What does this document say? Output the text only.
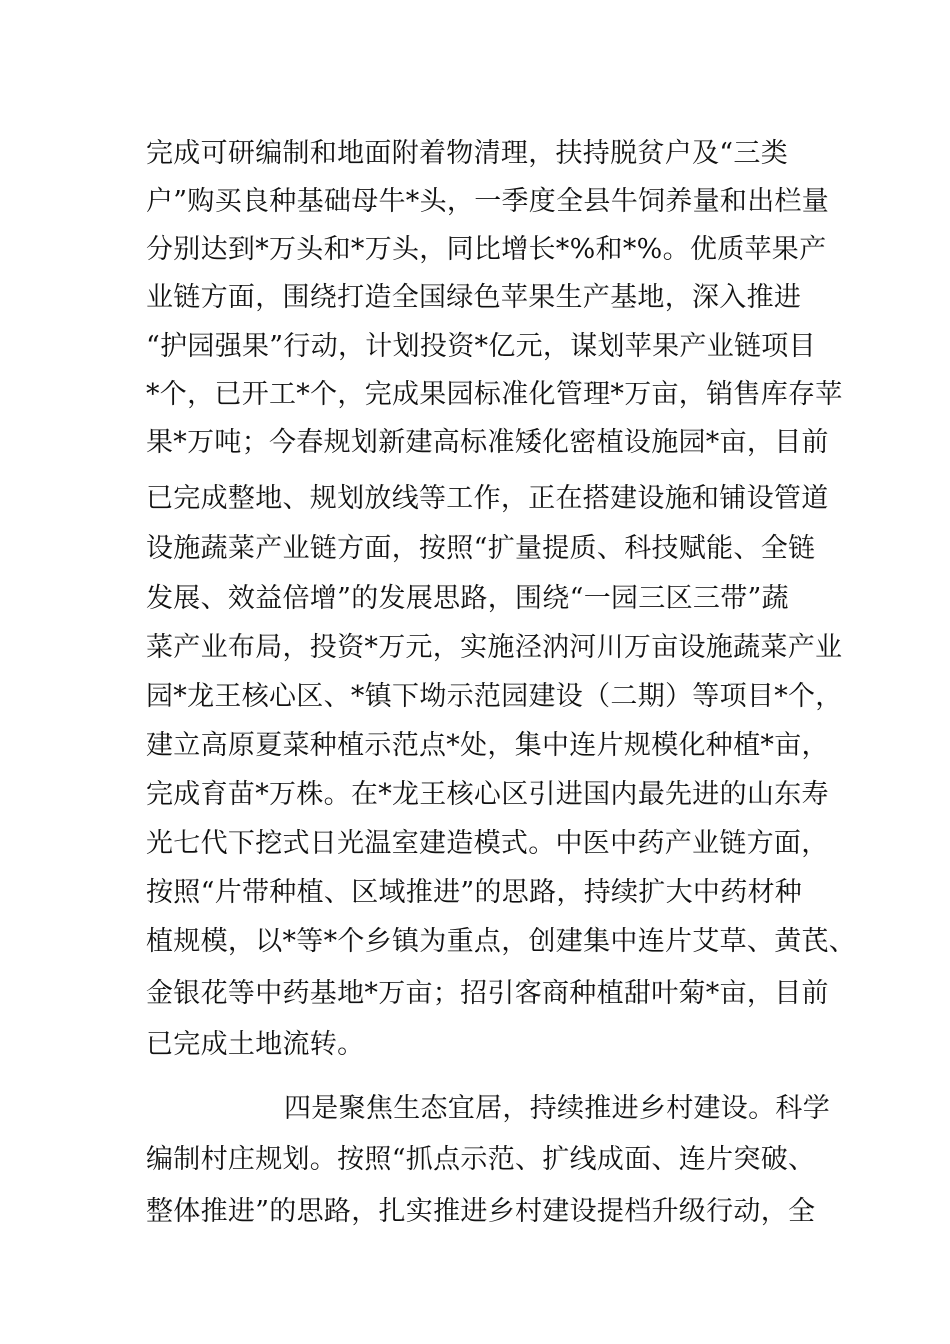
完成可研编制和地面附着物清理，扶持脱贫户及“三类
户”购买良种基础母牛*头，一季度全县牛饲养量和出栏量
分别达到*万头和*万头，同比增长*%和*%。优质苹果产
业链方面，围绕打造全国绿色苹果生产基地，深入推进
“护园强果”行动，计划投资*亿元，谋划苹果产业链项目
*个，已开工*个，完成果园标准化管理*万亩，销售库存苹
果*万吨；今春规划新建高标准矮化密植设施园*亩，目前
已完成整地、规划放线等工作，正在搭建设施和铺设管道
设施蔬菜产业链方面，按照“扩量提质、科技赋能、全链
发展、效益倍增”的发展思路，围绕“一园三区三带”蔬
菜产业布局，投资*万元，实施泾汭河川万亩设施蔬菜产业
园*龙王核心区、*镇下坳示范园建设（二期）等项目*个，
建立高原夏菜种植示范点*处，集中连片规模化种植*亩，
完成育苗*万株。在*龙王核心区引进国内最先进的山东寿
光七代下挖式日光温室建造模式。中医中药产业链方面，
按照“片带种植、区域推进”的思路，持续扩大中药材种
植规模，以*等*个乡镇为重点，创建集中连片艾草、黄芪、
金银花等中药基地*万亩；招引客商种植甜叶菊*亩，目前
已完成土地流转。
四是聚焦生态宜居，持续推进乡村建设。科学
编制村庄规划。按照“抓点示范、扩线成面、连片突破、
整体推进”的思路，扎实推进乡村建设提档升级行动，全
